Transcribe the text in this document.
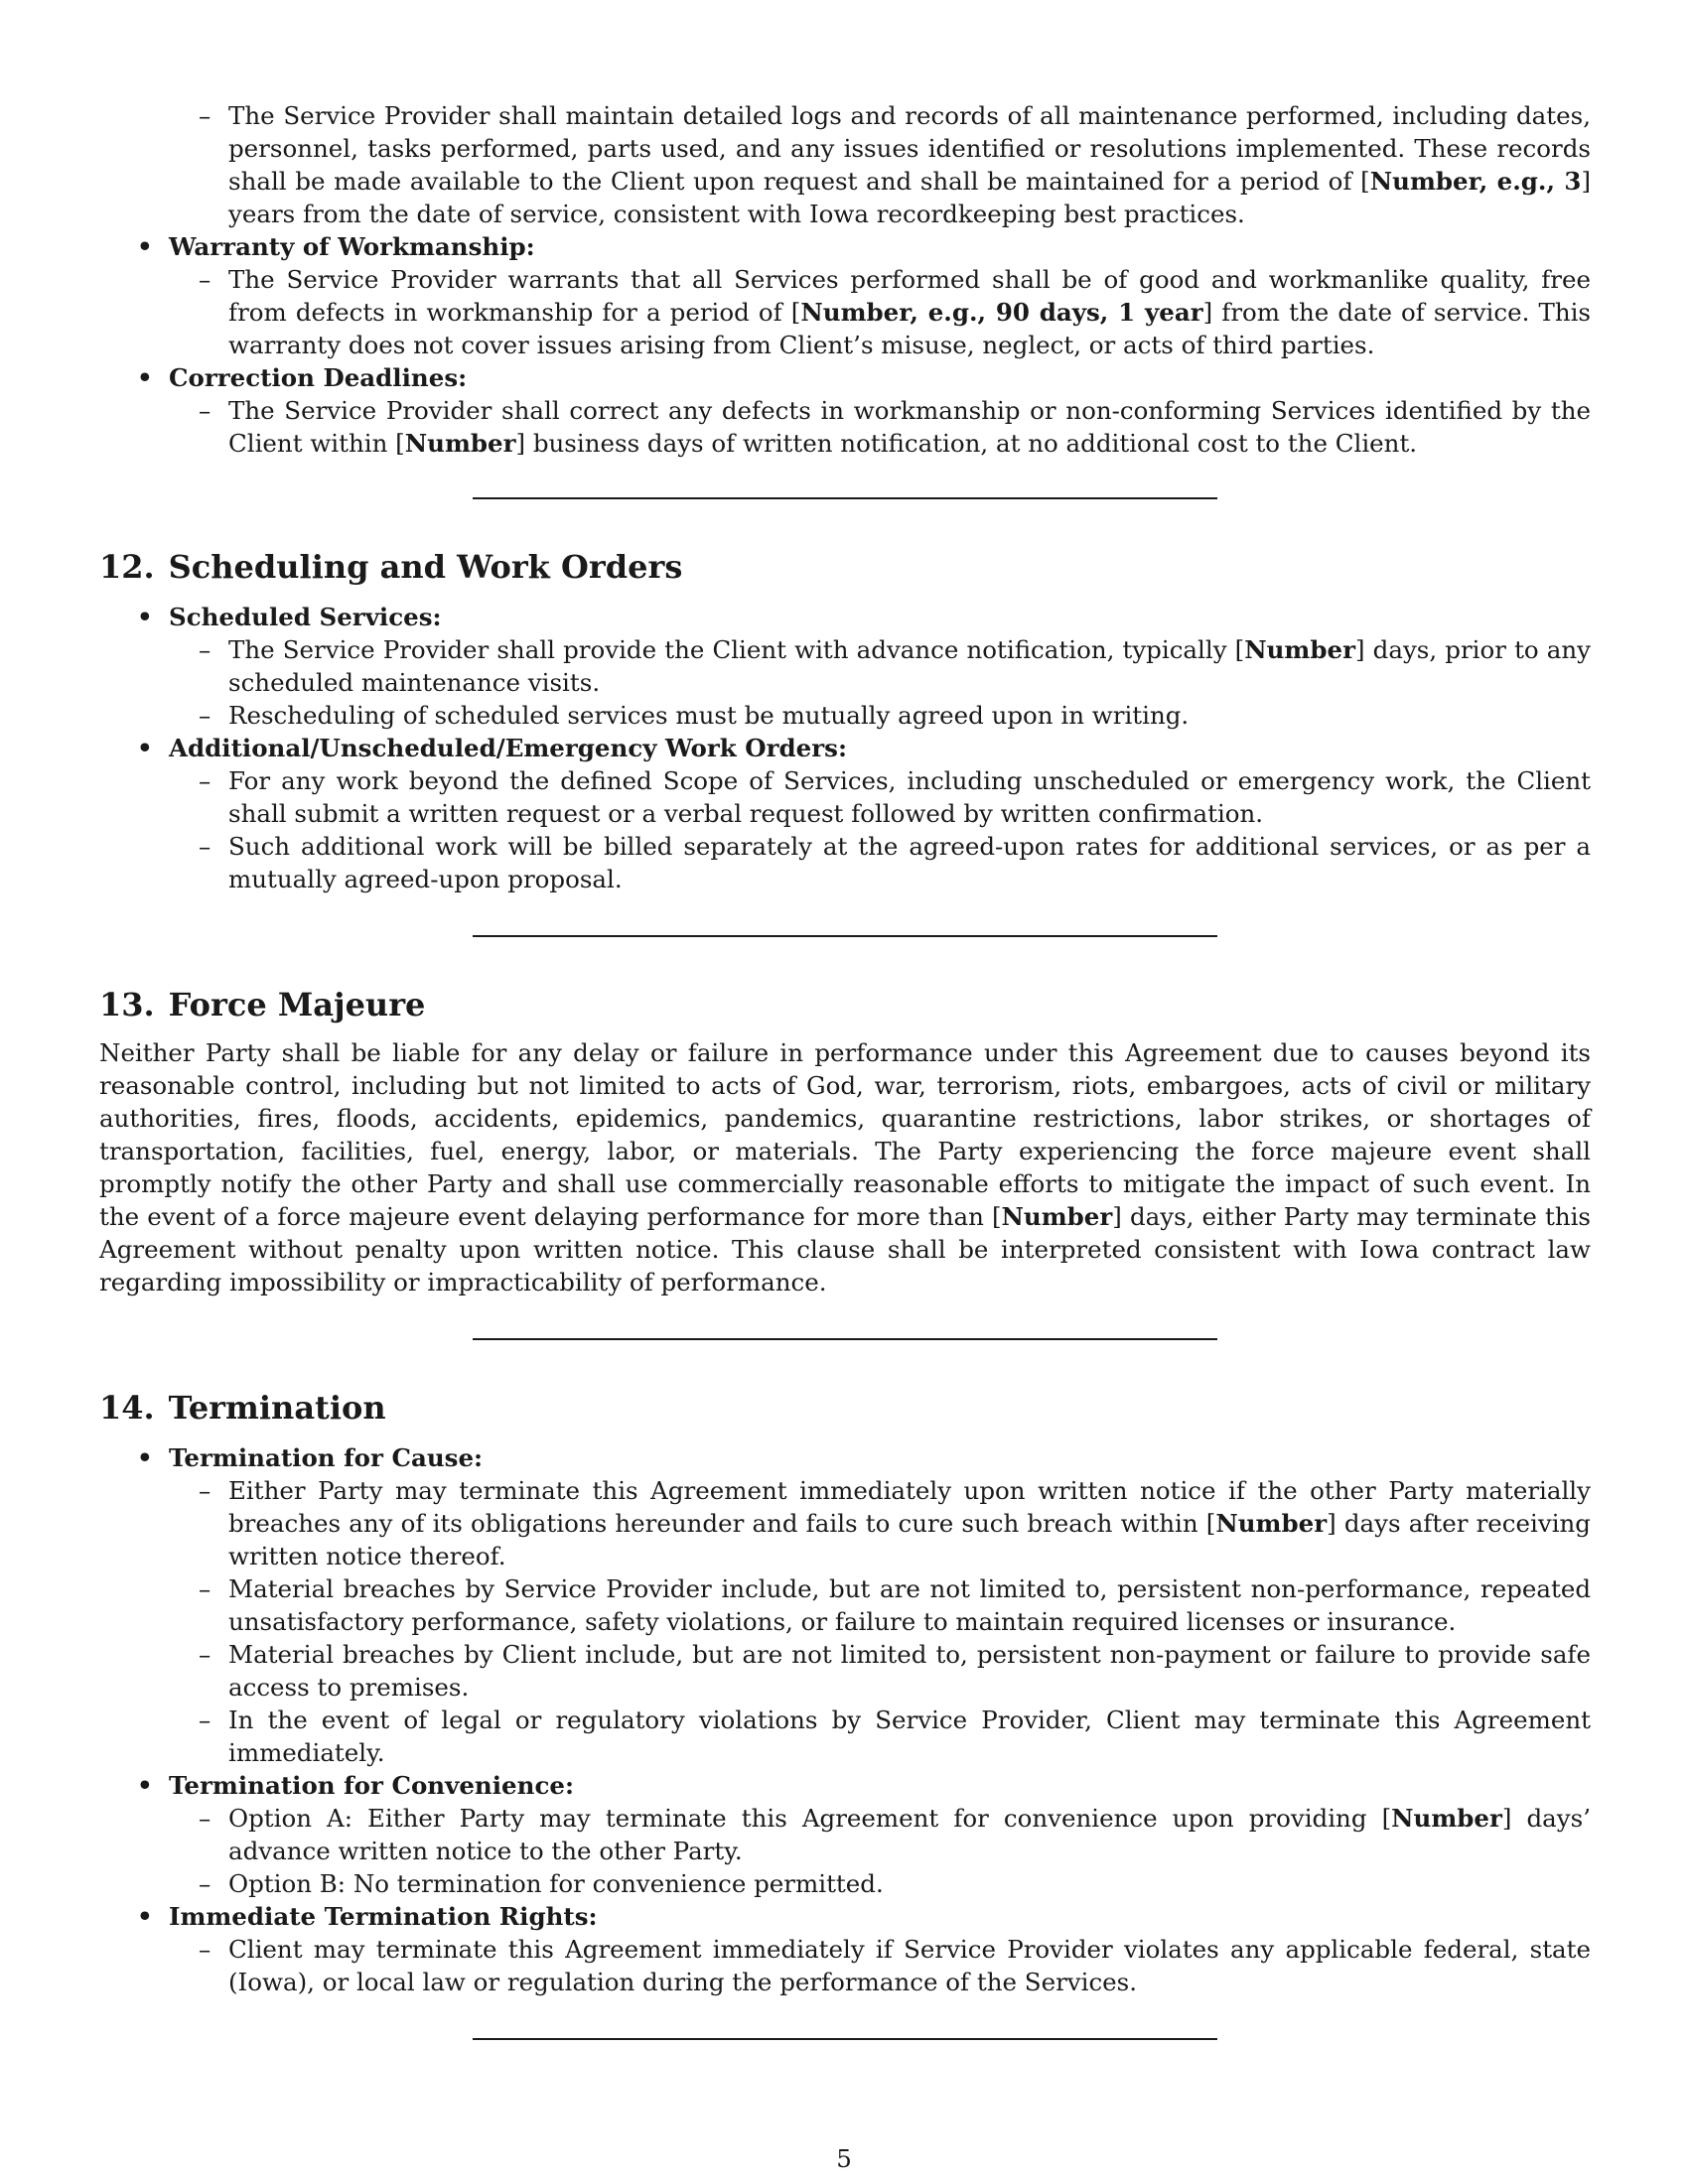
– The Service Provider shall maintain detailed logs and records of all maintenance performed, including dates, personnel, tasks performed, parts used, and any issues identified or resolutions implemented. These records shall be made available to the Client upon request and shall be maintained for a period of [Number, e.g., 3] years from the date of service, consistent with Iowa recordkeeping best practices.
• Warranty of Workmanship:
– The Service Provider warrants that all Services performed shall be of good and workmanlike quality, free from defects in workmanship for a period of [Number, e.g., 90 days, 1 year] from the date of service. This warranty does not cover issues arising from Client’s misuse, neglect, or acts of third parties.
• Correction Deadlines:
– The Service Provider shall correct any defects in workmanship or non-conforming Services identified by the Client within [Number] business days of written notification, at no additional cost to the Client.
12. Scheduling and Work Orders
• Scheduled Services:
– The Service Provider shall provide the Client with advance notification, typically [Number] days, prior to any scheduled maintenance visits.
– Rescheduling of scheduled services must be mutually agreed upon in writing.
• Additional/Unscheduled/Emergency Work Orders:
– For any work beyond the defined Scope of Services, including unscheduled or emergency work, the Client shall submit a written request or a verbal request followed by written confirmation.
– Such additional work will be billed separately at the agreed-upon rates for additional services, or as per a mutually agreed-upon proposal.
13. Force Majeure
Neither Party shall be liable for any delay or failure in performance under this Agreement due to causes beyond its reasonable control, including but not limited to acts of God, war, terrorism, riots, embargoes, acts of civil or military authorities, fires, floods, accidents, epidemics, pandemics, quarantine restrictions, labor strikes, or shortages of transportation, facilities, fuel, energy, labor, or materials. The Party experiencing the force majeure event shall promptly notify the other Party and shall use commercially reasonable efforts to mitigate the impact of such event. In the event of a force majeure event delaying performance for more than [Number] days, either Party may terminate this Agreement without penalty upon written notice. This clause shall be interpreted consistent with Iowa contract law regarding impossibility or impracticability of performance.
14. Termination
• Termination for Cause:
– Either Party may terminate this Agreement immediately upon written notice if the other Party materially breaches any of its obligations hereunder and fails to cure such breach within [Number] days after receiving written notice thereof.
– Material breaches by Service Provider include, but are not limited to, persistent non-performance, repeated unsatisfactory performance, safety violations, or failure to maintain required licenses or insurance.
– Material breaches by Client include, but are not limited to, persistent non-payment or failure to provide safe access to premises.
– In the event of legal or regulatory violations by Service Provider, Client may terminate this Agreement immediately.
• Termination for Convenience:
– Option A: Either Party may terminate this Agreement for convenience upon providing [Number] days’ advance written notice to the other Party.
– Option B: No termination for convenience permitted.
• Immediate Termination Rights:
– Client may terminate this Agreement immediately if Service Provider violates any applicable federal, state (Iowa), or local law or regulation during the performance of the Services.
5
